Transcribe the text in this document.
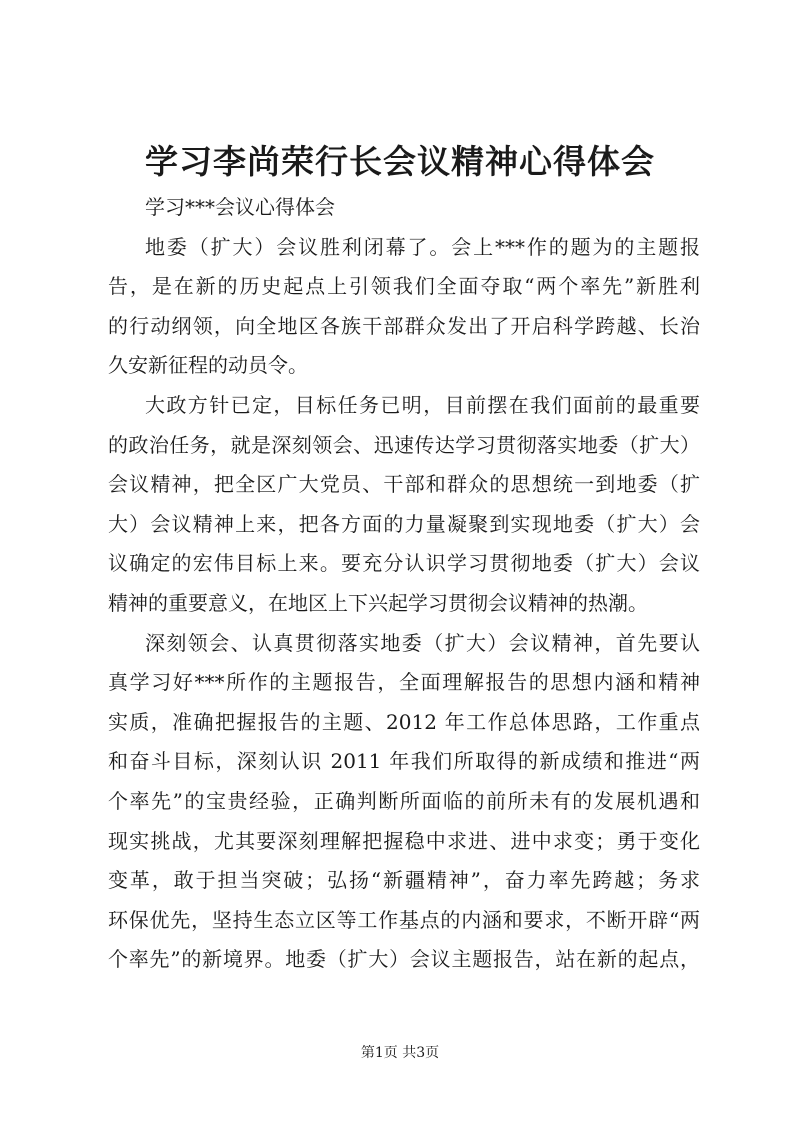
学习李尚荣行长会议精神心得体会
学习***会议心得体会
地委（扩大）会议胜利闭幕了。会上***作的题为的主题报
告，是在新的历史起点上引领我们全面夺取“两个率先”新胜利
的行动纲领，向全地区各族干部群众发出了开启科学跨越、长治
久安新征程的动员令。
大政方针已定，目标任务已明，目前摆在我们面前的最重要
的政治任务，就是深刻领会、迅速传达学习贯彻落实地委（扩大）
会议精神，把全区广大党员、干部和群众的思想统一到地委（扩
大）会议精神上来，把各方面的力量凝聚到实现地委（扩大）会
议确定的宏伟目标上来。要充分认识学习贯彻地委（扩大）会议
精神的重要意义，在地区上下兴起学习贯彻会议精神的热潮。
深刻领会、认真贯彻落实地委（扩大）会议精神，首先要认
真学习好***所作的主题报告，全面理解报告的思想内涵和精神
实质，准确把握报告的主题、2012 年工作总体思路，工作重点
和奋斗目标，深刻认识 2011 年我们所取得的新成绩和推进“两
个率先”的宝贵经验，正确判断所面临的前所未有的发展机遇和
现实挑战，尤其要深刻理解把握稳中求进、进中求变；勇于变化
变革，敢于担当突破；弘扬“新疆精神”，奋力率先跨越；务求
环保优先，坚持生态立区等工作基点的内涵和要求，不断开辟“两
个率先”的新境界。地委（扩大）会议主题报告，站在新的起点，
第1页 共3页
